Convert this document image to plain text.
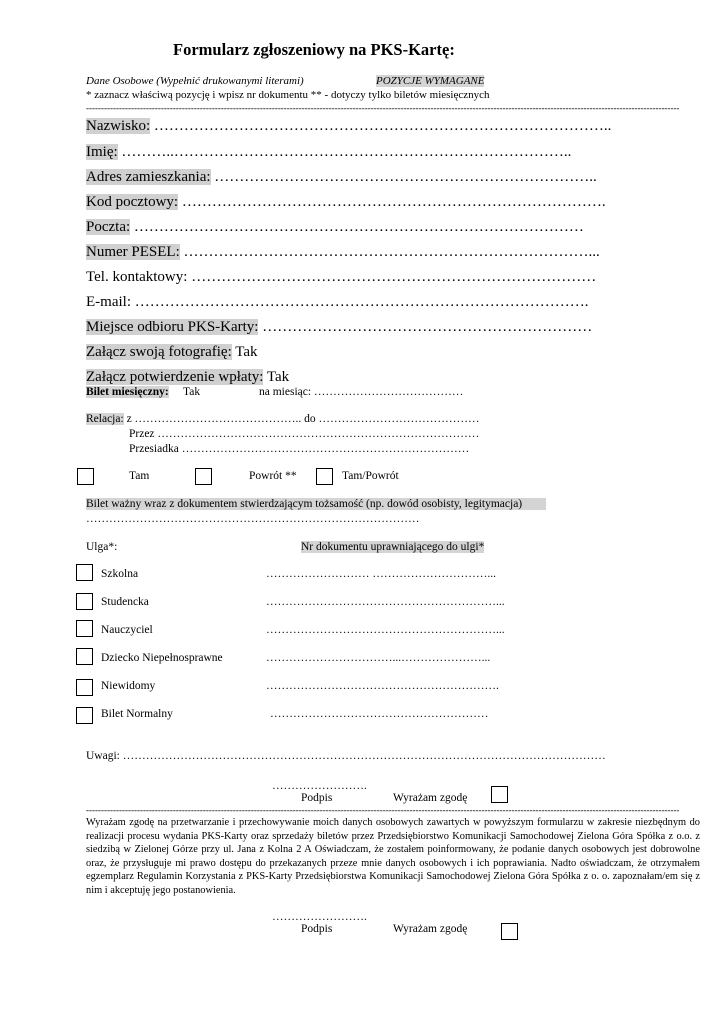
Formularz zgłoszeniowy na PKS-Kartę:
Dane Osobowe (Wypełnić drukowanymi literami)	POZYCJE WYMAGANE
* zaznacz właściwą pozycję i wpisz nr dokumentu ** - dotyczy tylko biletów miesięcznych
------------------------------------------------------------------------------------------------------------------------------------------------------------------------------------------------------
Nazwisko: ………………………………………………………………………………..
Imię: ………..……………………………………………………………………..
Adres zamieszkania: …………………………………………………………………..
Kod pocztowy: ………………………………………………………………………….
Poczta: ………………………………………………………………………………
Numer PESEL: ………………………………………………………………………...
Tel. kontaktowy: ………………………………………………………………………
E-mail: ……………………………………………………………………………….
Miejsce odbioru PKS-Karty: …………………………………………………………
Załącz swoją fotografię: Tak
Załącz potwierdzenie wpłaty: Tak
Bilet miesięczny: Tak	na miesiąc: …………………………………
Relacja: z …………………………………….. do ……………………………………
Przez …………………………………………………………………………
Przesiadka …………………………………………………………………
Tam	Powrót **	Tam/Powrót
Bilet ważny wraz z dokumentem stwierdzającym tożsamość (np. dowód osobisty, legitymacja)
……………………………………………………………………………
Ulga*:	Nr dokumentu uprawniającego do ulgi*
Szkolna	……………………… …………………………...
Studencka	……………………………………………………...
Nauczyciel	……………………………………………………...
Dziecko Niepełnosprawne	……………………………...…………………...
Niewidomy	…………………………………………………….
Bilet Normalny	…………………………………………………
Uwagi: ………………………………………………………………………………………………………………
…………………….
Podpis	Wyrażam zgodę
------------------------------------------------------------------------------------------------------------------------------------------------------------------------------------------------------
Wyrażam zgodę na przetwarzanie i przechowywanie moich danych osobowych zawartych w powyższym formularzu w zakresie niezbędnym do realizacji procesu wydania PKS-Karty oraz sprzedaży biletów przez Przedsiębiorstwo Komunikacji Samochodowej Zielona Góra Spółka z o.o. z siedzibą w Zielonej Górze przy ul. Jana z Kolna 2 A Oświadczam, że zostałem poinformowany, że podanie danych osobowych jest dobrowolne oraz, że przysługuje mi prawo dostępu do przekazanych przeze mnie danych osobowych i ich poprawiania. Nadto oświadczam, że otrzymałem egzemplarz Regulamin Korzystania z PKS-Karty Przedsiębiorstwa Komunikacji Samochodowej Zielona Góra Spółka z o. o. zapoznałam/em się z nim i akceptuję jego postanowienia.
…………………….
Podpis	Wyrażam zgodę
